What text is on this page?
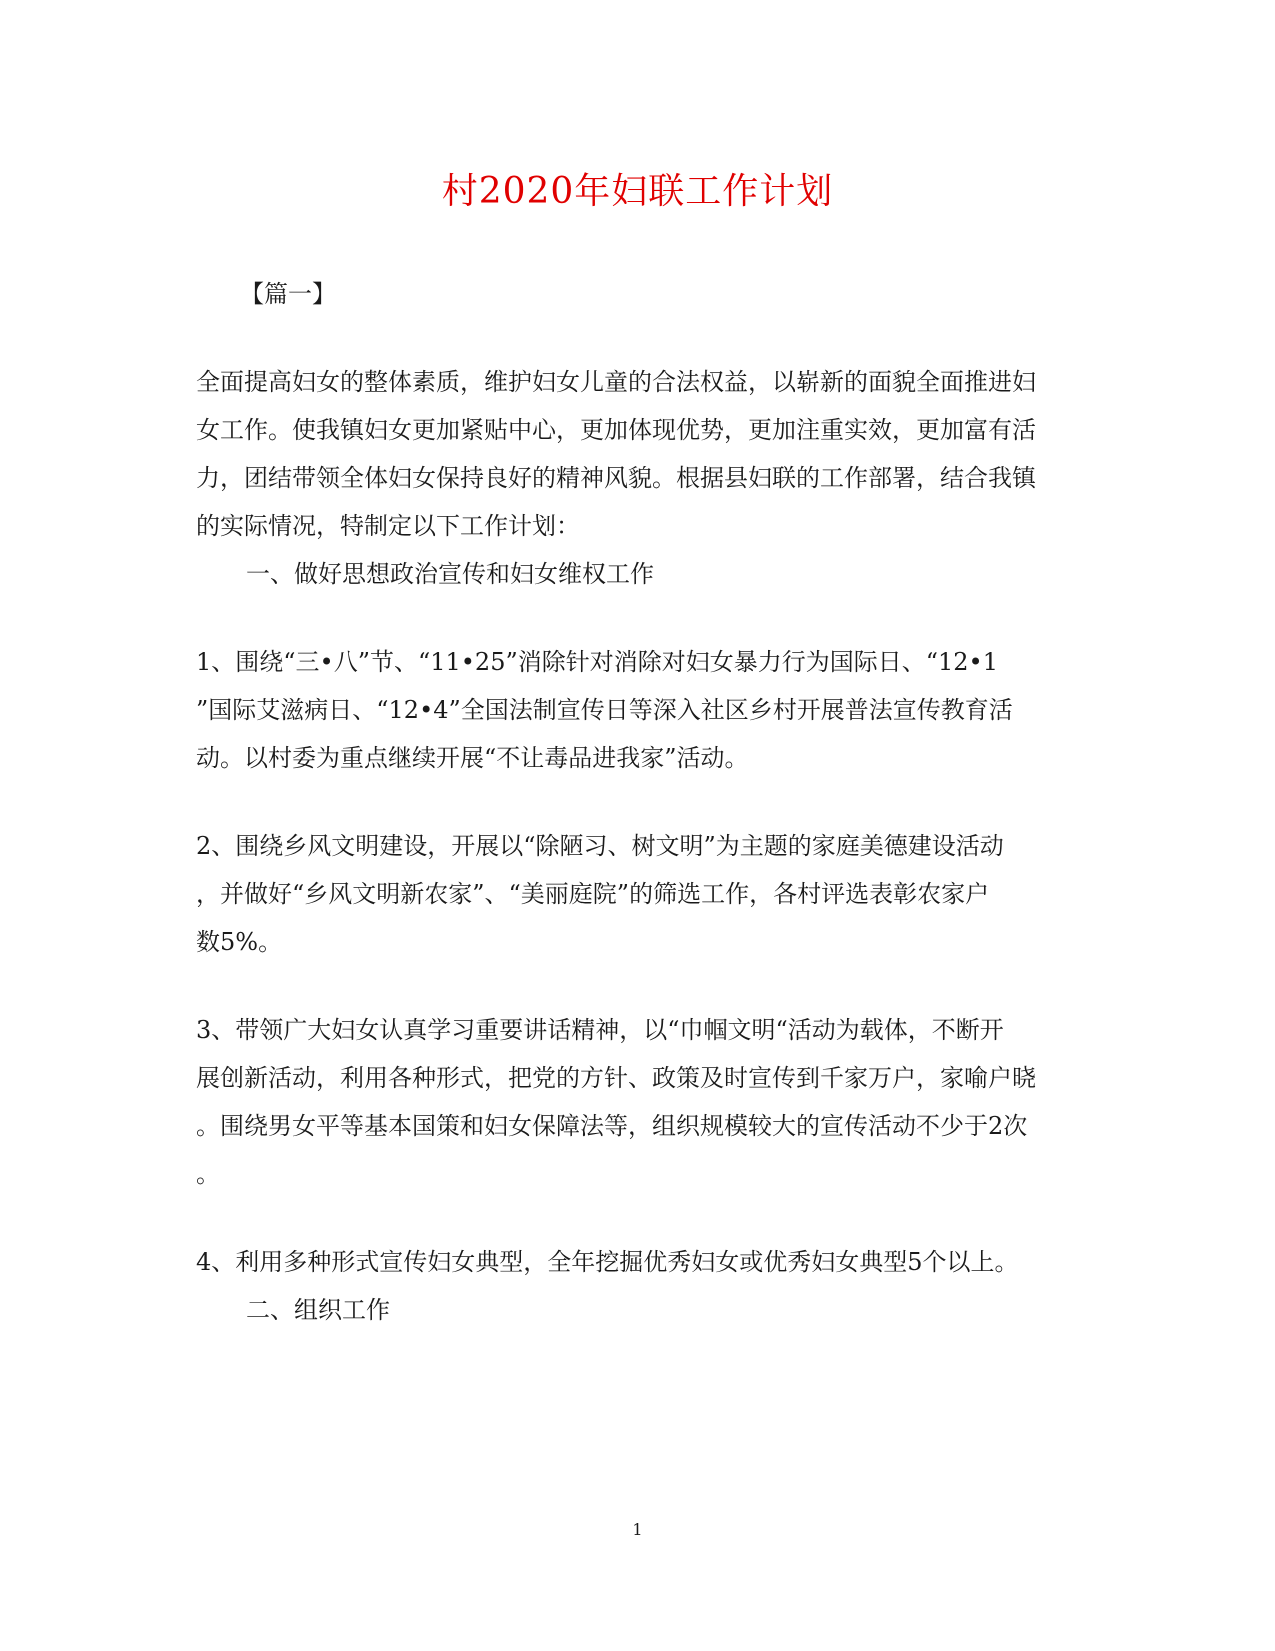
村2020年妇联工作计划
【篇一】
全面提高妇女的整体素质，维护妇女儿童的合法权益，以崭新的面貌全面推进妇
女工作。使我镇妇女更加紧贴中心，更加体现优势，更加注重实效，更加富有活
力，团结带领全体妇女保持良好的精神风貌。根据县妇联的工作部署，结合我镇
的实际情况，特制定以下工作计划：
一、做好思想政治宣传和妇女维权工作
1、围绕“三•八”节、“11•25”消除针对消除对妇女暴力行为国际日、“12•1
”国际艾滋病日、“12•4”全国法制宣传日等深入社区乡村开展普法宣传教育活
动。以村委为重点继续开展“不让毒品进我家”活动。
2、围绕乡风文明建设，开展以“除陋习、树文明”为主题的家庭美德建设活动
，并做好“乡风文明新农家”、“美丽庭院”的筛选工作，各村评选表彰农家户
数5%。
3、带领广大妇女认真学习重要讲话精神，以“巾帼文明“活动为载体，不断开
展创新活动，利用各种形式，把党的方针、政策及时宣传到千家万户，家喻户晓
。围绕男女平等基本国策和妇女保障法等，组织规模较大的宣传活动不少于2次
。
4、利用多种形式宣传妇女典型，全年挖掘优秀妇女或优秀妇女典型5个以上。
二、组织工作
1
